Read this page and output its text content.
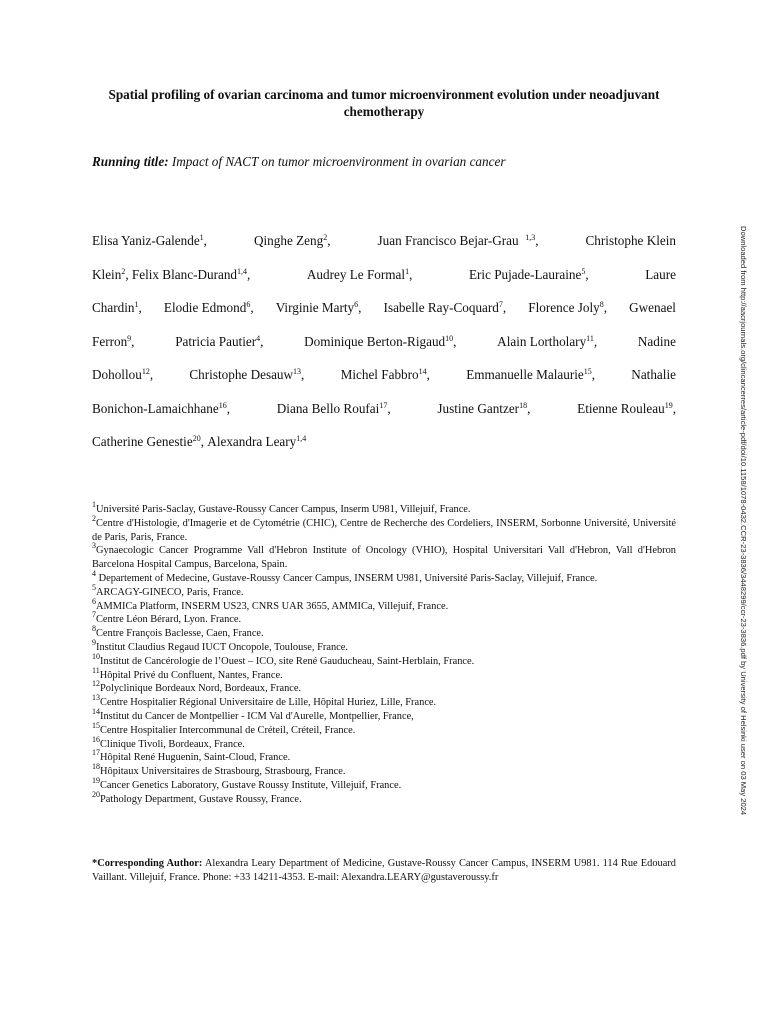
Spatial profiling of ovarian carcinoma and tumor microenvironment evolution under neoadjuvant chemotherapy
Running title: Impact of NACT on tumor microenvironment in ovarian cancer
Elisa Yaniz-Galende$^1$,	Qinghe Zeng$^2$,	Juan Francisco Bejar-Grau $^{1,3}$,	Christophe Klein
Klein$^2$, Felix Blanc-Durand$^{1,4}$,	Audrey Le Formal$^1$,	Eric Pujade-Lauraine$^5$,	Laure
Chardin$^1$, Elodie Edmond$^6$, Virginie Marty$^6$, Isabelle Ray-Coquard$^7$, Florence Joly$^8$, Gwenael
Ferron$^9$,	Patricia Pautier$^4$,	Dominique Berton-Rigaud$^{10}$,	Alain Lortholary$^{11}$,	Nadine
Dohollou$^{12}$,	Christophe Desauw$^{13}$,	Michel Fabbro$^{14}$,	Emmanuelle Malaurie$^{15}$,	Nathalie
Bonichon-Lamaichhane$^{16}$,	Diana Bello Roufai$^{17}$,	Justine Gantzer$^{18}$,	Etienne Rouleau$^{19}$,
Catherine Genestie$^{20}$, Alexandra Leary$^{1,4}$

$^1$Université Paris-Saclay, Gustave-Roussy Cancer Campus, Inserm U981, Villejuif, France.

$^2$Centre d'Histologie, d'Imagerie et de Cytométrie (CHIC), Centre de Recherche des Cordeliers, INSERM, Sorbonne Université, Université de Paris, Paris, France.

$^3$Gynaecologic Cancer Programme Vall d'Hebron Institute of Oncology (VHIO), Hospital Universitari Vall d'Hebron, Vall d'Hebron Barcelona Hospital Campus, Barcelona, Spain.

$^4$ Departement of Medecine, Gustave-Roussy Cancer Campus, INSERM U981, Université Paris-Saclay, Villejuif, France.

$^5$ARCAGY-GINECO, Paris, France.

$^6$AMMICa Platform, INSERM US23, CNRS UAR 3655, AMMICa, Villejuif, France.

$^7$Centre Léon Bérard, Lyon. France.

$^8$Centre François Baclesse, Caen, France.

$^9$Institut Claudius Regaud IUCT Oncopole, Toulouse, France.

$^{10}$Institut de Cancérologie de l’Ouest – ICO, site René Gauducheau, Saint-Herblain, France.

$^{11}$Hôpital Privé du Confluent, Nantes, France.

$^{12}$Polyclinique Bordeaux Nord, Bordeaux, France.

$^{13}$Centre Hospitalier Régional Universitaire de Lille, Hôpital Huriez, Lille, France.

$^{14}$Institut du Cancer de Montpellier - ICM Val d'Aurelle, Montpellier, France,

$^{15}$Centre Hospitalier Intercommunal de Créteil, Créteil, France.

$^{16}$Clinique Tivoli, Bordeaux, France.

$^{17}$Hôpital René Huguenin, Saint-Cloud, France.

$^{18}$Hôpitaux Universitaires de Strasbourg, Strasbourg, France.

$^{19}$Cancer Genetics Laboratory, Gustave Roussy Institute, Villejuif, France.

$^{20}$Pathology Department, Gustave Roussy, France.

*Corresponding Author: Alexandra Leary Department of Medicine, Gustave-Roussy Cancer Campus, INSERM U981. 114 Rue Edouard Vaillant. Villejuif, France. Phone: +33 14211-4353. E-mail: Alexandra.LEARY@gustaveroussy.fr
Downloaded from http://aacrjournals.org/clincancerres/article-pdf/doi/10.1158/1078-0432.CCR-23-3836/3448299/ccr-23-3836.pdf by University of Helsinki user on 03 May 2024
